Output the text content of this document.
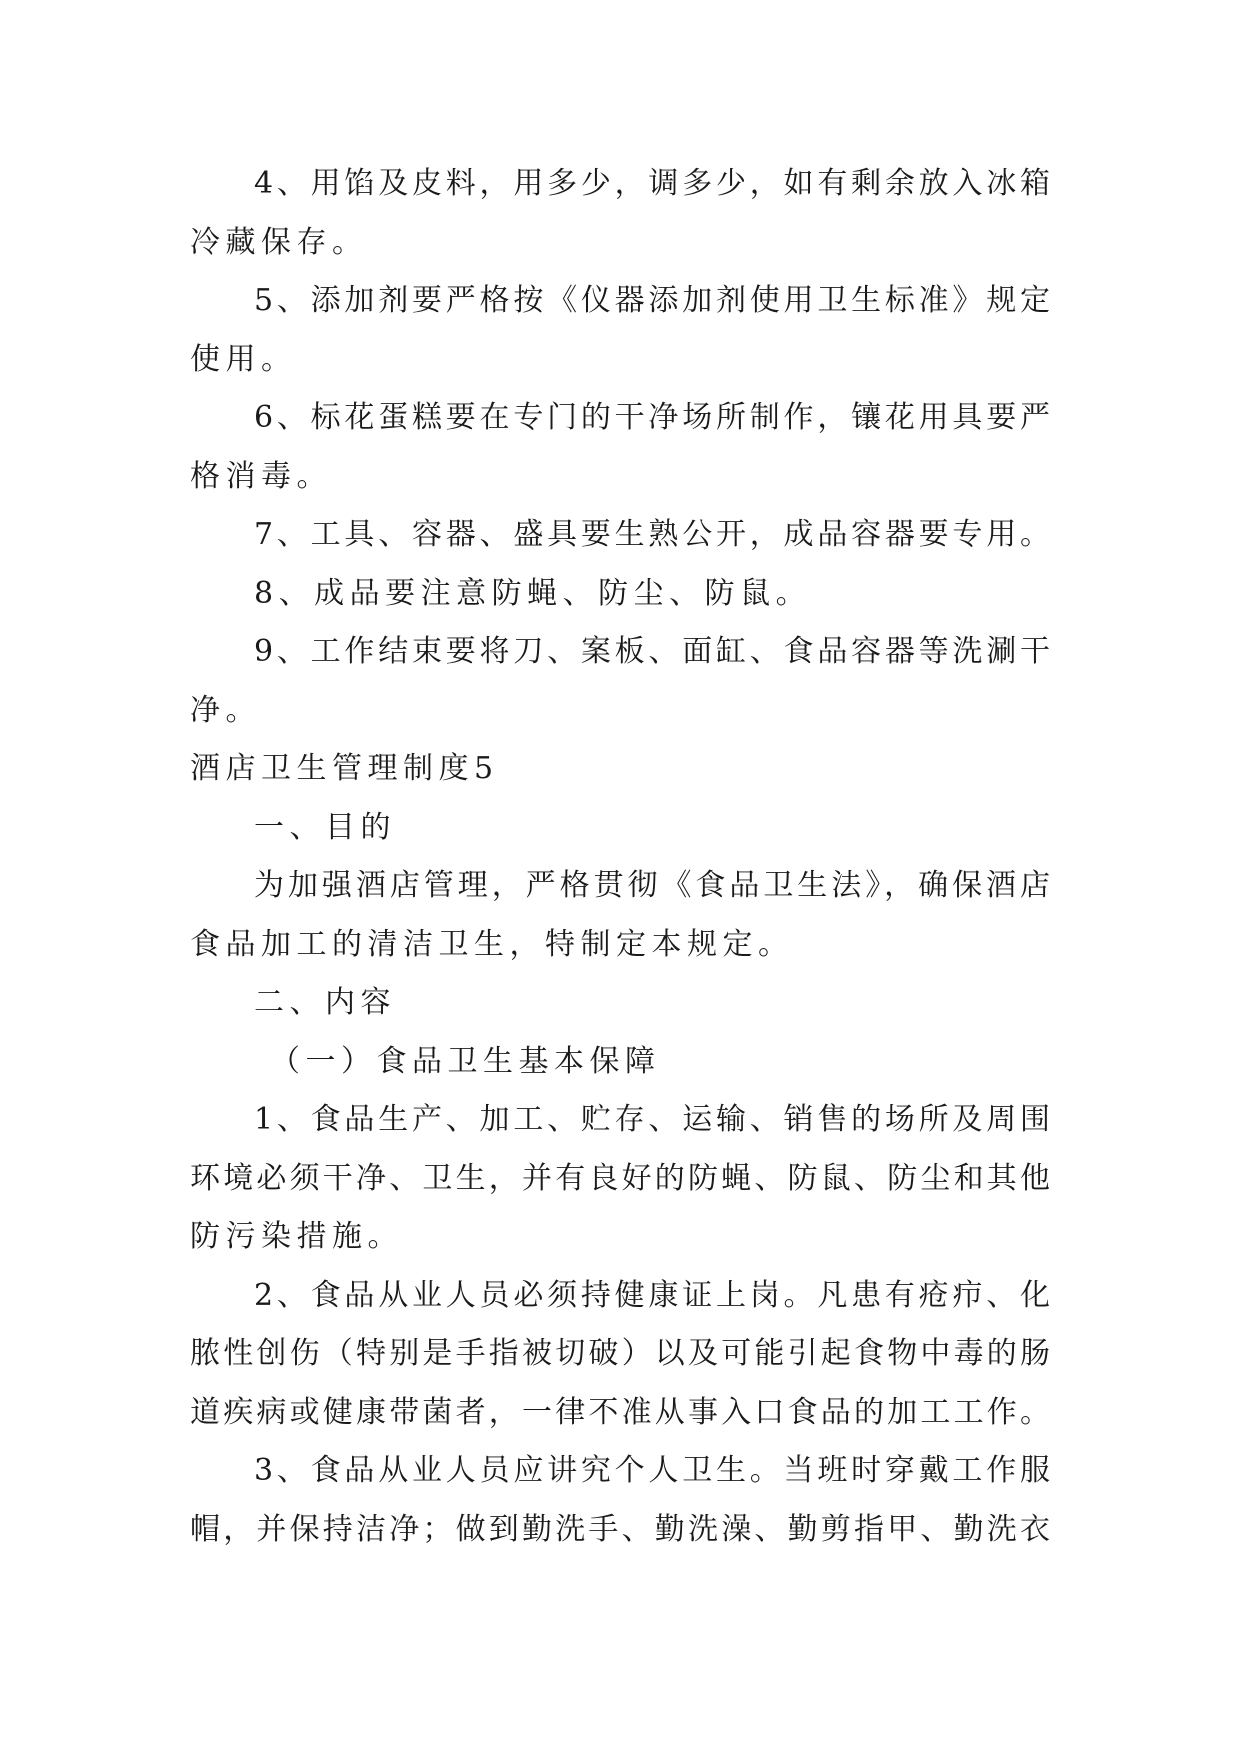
4、用馅及皮料，用多少，调多少，如有剩余放入冰箱
冷藏保存。
5、添加剂要严格按《仪器添加剂使用卫生标准》规定
使用。
6、标花蛋糕要在专门的干净场所制作，镶花用具要严
格消毒。
7、工具、容器、盛具要生熟公开，成品容器要专用。
8、成品要注意防蝇、防尘、防鼠。
9、工作结束要将刀、案板、面缸、食品容器等洗涮干
净。
酒店卫生管理制度5
一、目的
为加强酒店管理，严格贯彻《食品卫生法》，确保酒店
食品加工的清洁卫生，特制定本规定。
二、内容
（一）食品卫生基本保障
1、食品生产、加工、贮存、运输、销售的场所及周围
环境必须干净、卫生，并有良好的防蝇、防鼠、防尘和其他
防污染措施。
2、食品从业人员必须持健康证上岗。凡患有疮疖、化
脓性创伤（特别是手指被切破）以及可能引起食物中毒的肠
道疾病或健康带菌者，一律不准从事入口食品的加工工作。
3、食品从业人员应讲究个人卫生。当班时穿戴工作服
帽，并保持洁净；做到勤洗手、勤洗澡、勤剪指甲、勤洗衣
